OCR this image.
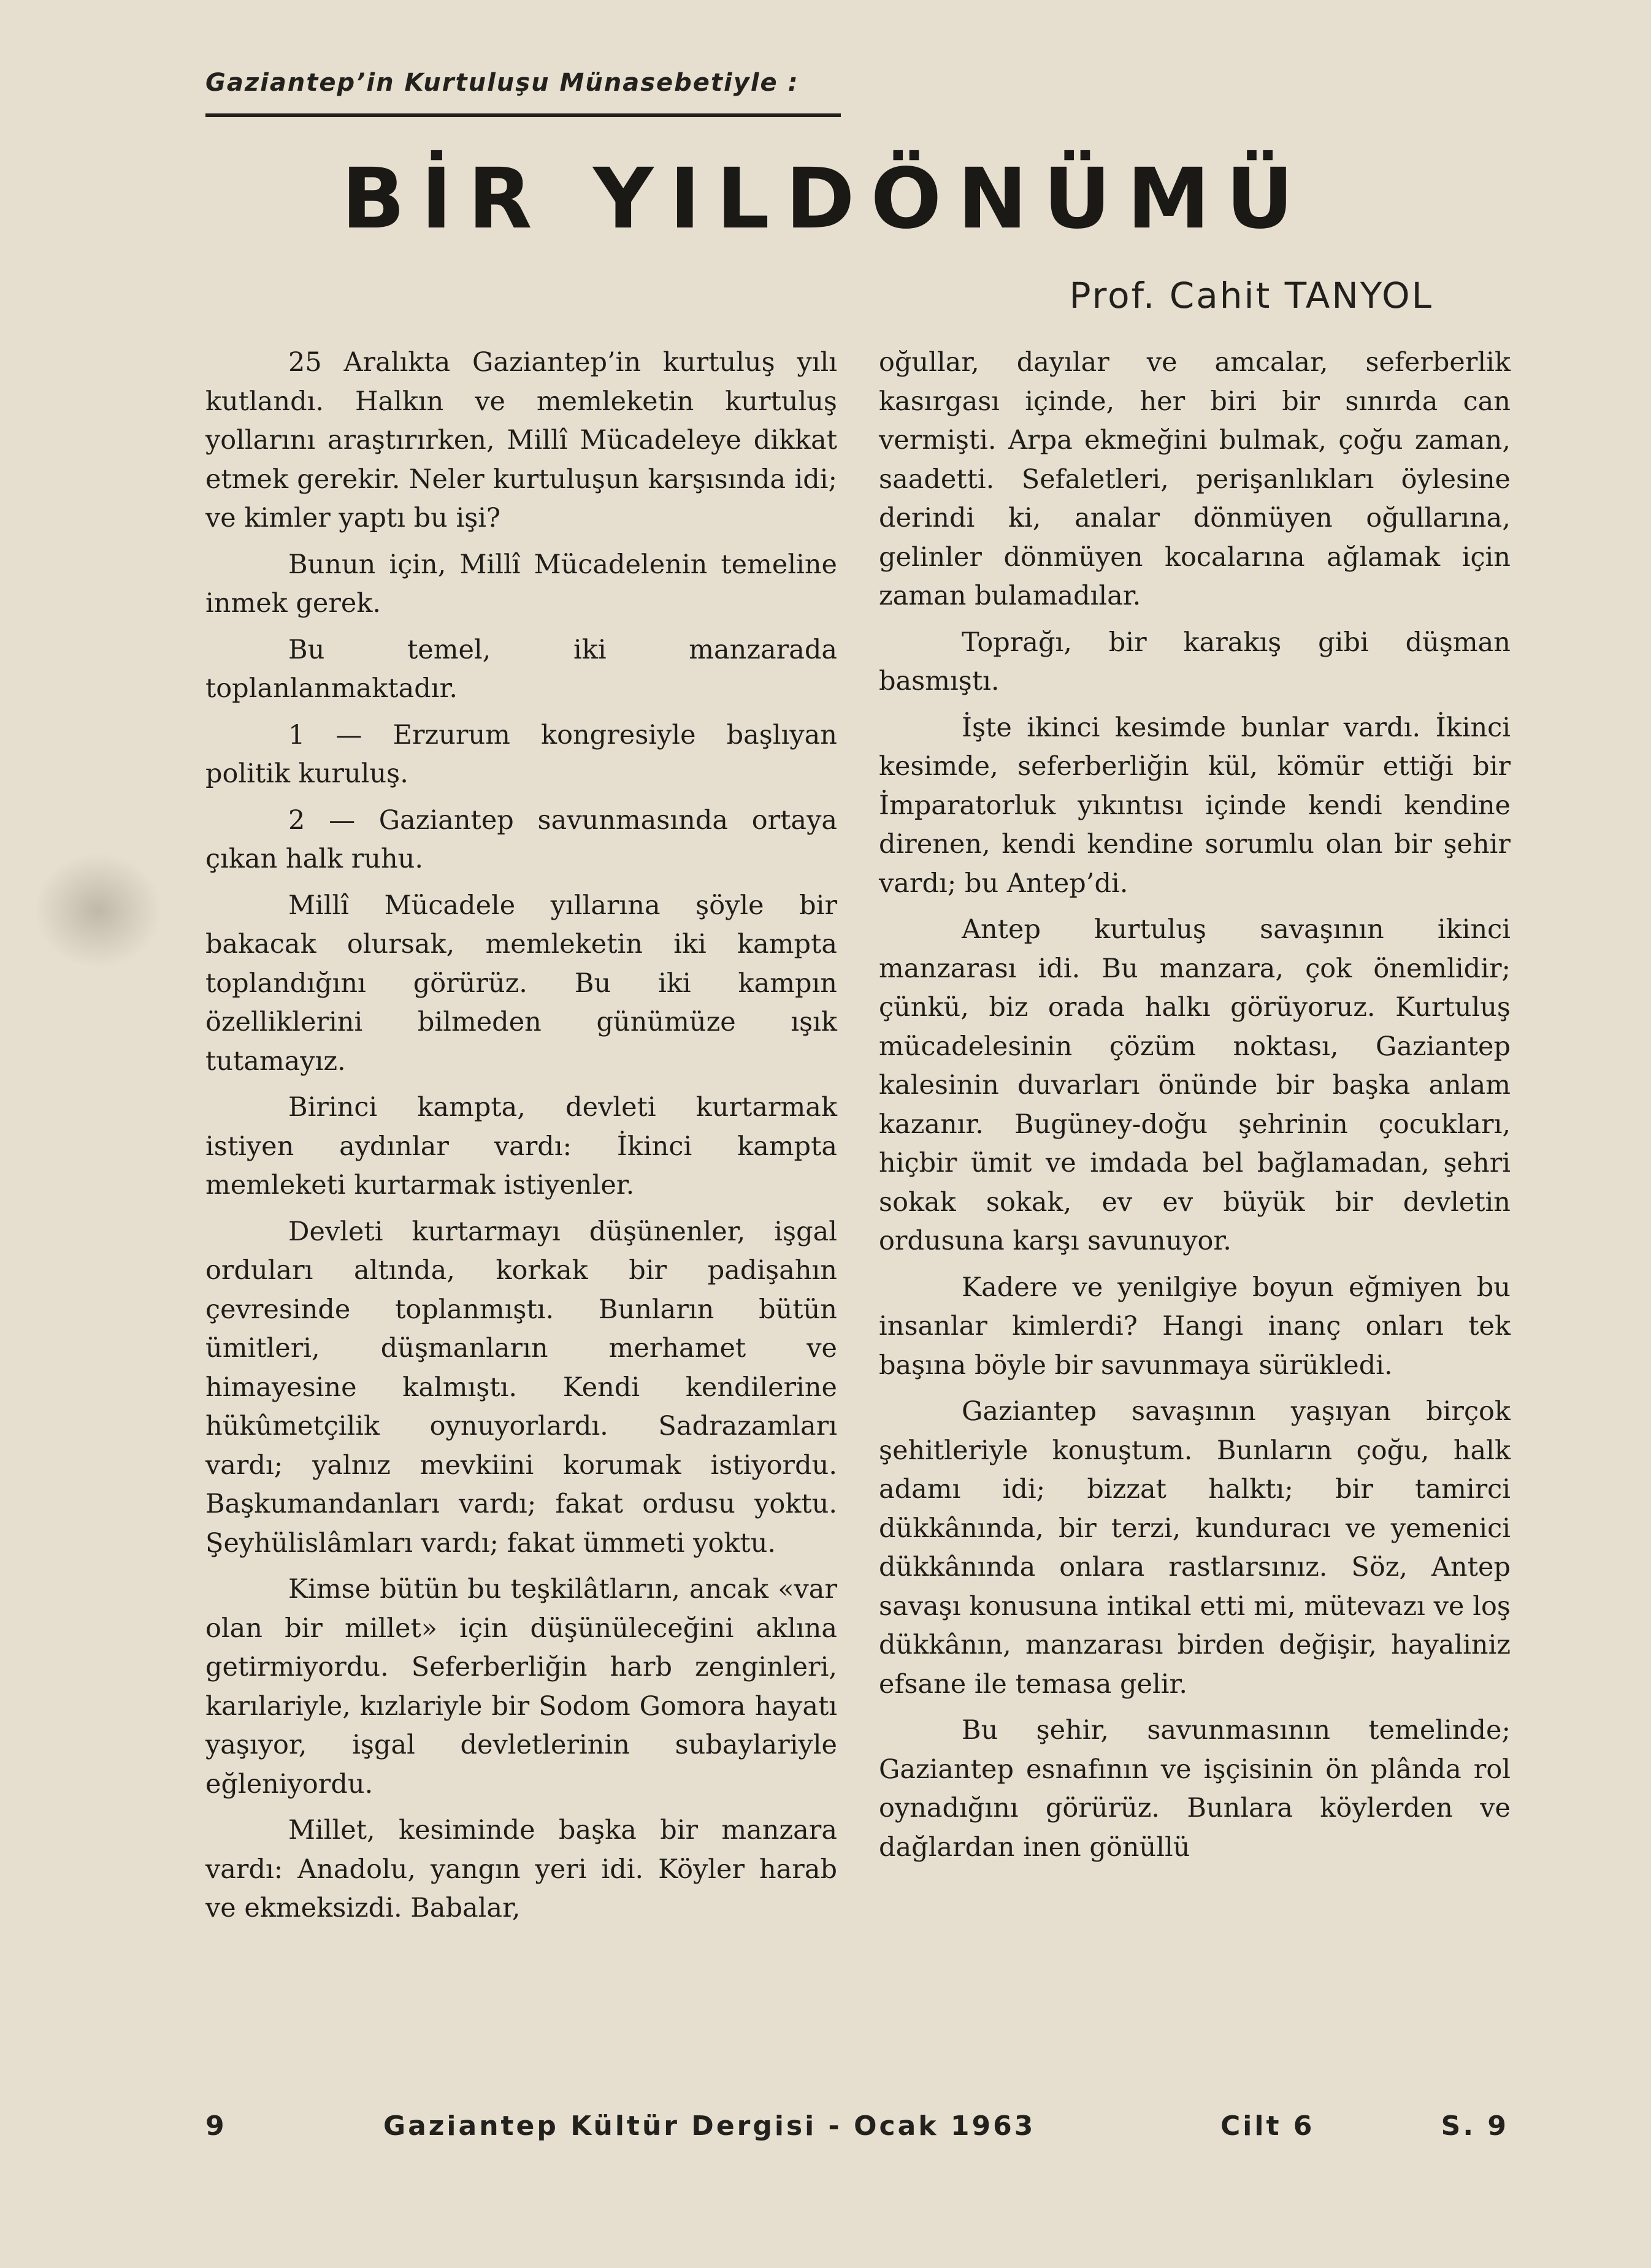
Gaziantep’in Kurtuluşu Münasebetiyle :
BİR YILDÖNÜMÜ
Prof. Cahit TANYOL

25 Aralıkta Gaziantep’in kurtuluş yılı kutlandı. Halkın ve memleketin kurtuluş yollarını araştırırken, Millî Mücadeleye dikkat etmek gerekir. Neler kurtuluşun karşısında idi; ve kimler yaptı bu işi?

Bunun için, Millî Mücadelenin temeline inmek gerek.

Bu temel, iki manzarada toplanlanmaktadır.

1 — Erzurum kongresiyle başlıyan politik kuruluş.

2 — Gaziantep savunmasında ortaya çıkan halk ruhu.

Millî Mücadele yıllarına şöyle bir bakacak olursak, memleketin iki kampta toplandığını görürüz. Bu iki kampın özelliklerini bilmeden günümüze ışık tutamayız.

Birinci kampta, devleti kurtarmak istiyen aydınlar vardı: İkinci kampta memleketi kurtarmak istiyenler.

Devleti kurtarmayı düşünenler, işgal orduları altında, korkak bir padişahın çevresinde toplanmıştı. Bunların bütün ümitleri, düşmanların merhamet ve himayesine kalmıştı. Kendi kendilerine hükûmetçilik oynuyorlardı. Sadrazamları vardı; yalnız mevkiini korumak istiyordu. Başkumandanları vardı; fakat ordusu yoktu. Şeyhülislâmları vardı; fakat ümmeti yoktu.

Kimse bütün bu teşkilâtların, ancak «var olan bir millet» için düşünüleceğini aklına getirmiyordu. Seferberliğin harb zenginleri, karılariyle, kızlariyle bir Sodom Gomora hayatı yaşıyor, işgal devletlerinin subaylariyle eğleniyordu.

Millet, kesiminde başka bir manzara vardı: Anadolu, yangın yeri idi. Köyler harab ve ekmeksizdi. Babalar,

oğullar, dayılar ve amcalar, seferberlik kasırgası içinde, her biri bir sınırda can vermişti. Arpa ekmeğini bulmak, çoğu zaman, saadetti. Sefaletleri, perişanlıkları öylesine derindi ki, analar dönmüyen oğullarına, gelinler dönmüyen kocalarına ağlamak için zaman bulamadılar.

Toprağı, bir karakış gibi düşman basmıştı.

İşte ikinci kesimde bunlar vardı. İkinci kesimde, seferberliğin kül, kömür ettiği bir İmparatorluk yıkıntısı içinde kendi kendine direnen, kendi kendine sorumlu olan bir şehir vardı; bu Antep’di.

Antep kurtuluş savaşının ikinci manzarası idi. Bu manzara, çok önemlidir; çünkü, biz orada halkı görüyoruz. Kurtuluş mücadelesinin çözüm noktası, Gaziantep kalesinin duvarları önünde bir başka anlam kazanır. Bugüney-doğu şehrinin çocukları, hiçbir ümit ve imdada bel bağlamadan, şehri sokak sokak, ev ev büyük bir devletin ordusuna karşı savunuyor.

Kadere ve yenilgiye boyun eğmiyen bu insanlar kimlerdi? Hangi inanç onları tek başına böyle bir savunmaya sürükledi.

Gaziantep savaşının yaşıyan birçok şehitleriyle konuştum. Bunların çoğu, halk adamı idi; bizzat halktı; bir tamirci dükkânında, bir terzi, kunduracı ve yemenici dükkânında onlara rastlarsınız. Söz, Antep savaşı konusuna intikal etti mi, mütevazı ve loş dükkânın, manzarası birden değişir, hayaliniz efsane ile temasa gelir.

Bu şehir, savunmasının temelinde; Gaziantep esnafının ve işçisinin ön plânda rol oynadığını görürüz. Bunlara köylerden ve dağlardan inen gönüllü

9	Gaziantep Kültür Dergisi - Ocak 1963	Cilt 6	S. 9
